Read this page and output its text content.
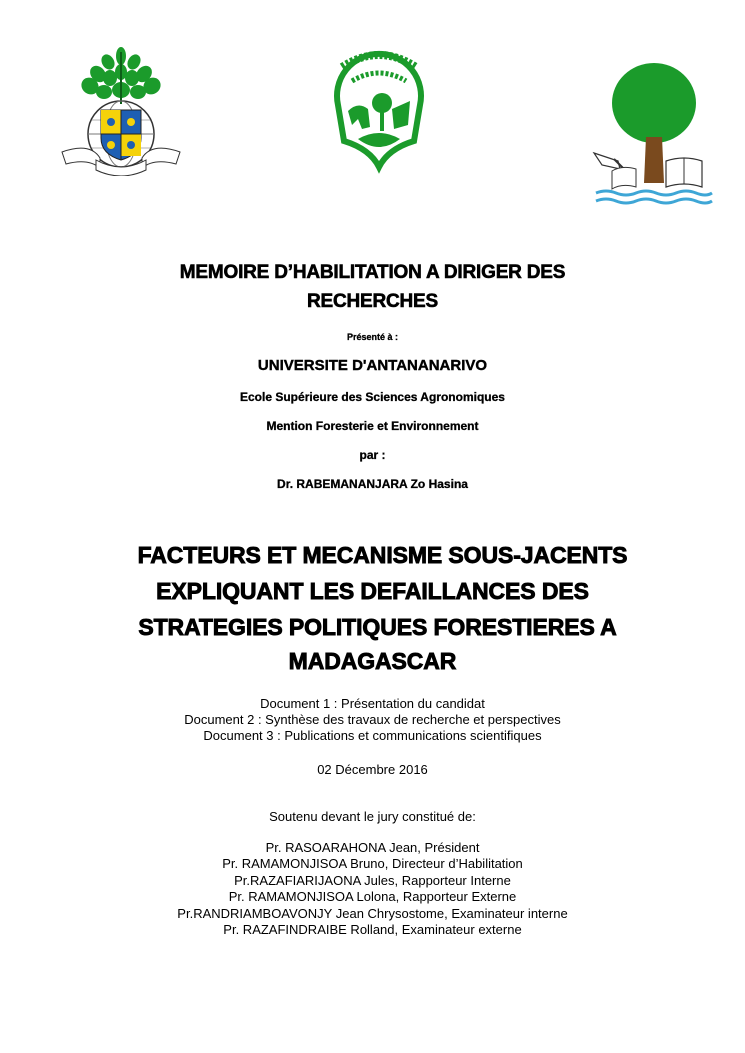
MEMOIRE D’HABILITATION A DIRIGER DES
RECHERCHES
Présenté à :
UNIVERSITE D'ANTANANARIVO
Ecole Supérieure des Sciences Agronomiques
Mention Foresterie et Environnement
par :
Dr. RABEMANANJARA Zo Hasina
FACTEURS ET MECANISME SOUS-JACENTS
EXPLIQUANT LES DEFAILLANCES DES
STRATEGIES POLITIQUES FORESTIERES A
MADAGASCAR
Document 1 : Présentation du candidat
Document 2 : Synthèse des travaux de recherche et perspectives
Document 3 : Publications et communications scientifiques
02 Décembre 2016
Soutenu devant le jury constitué de:
Pr. RASOARAHONA Jean, Président
Pr. RAMAMONJISOA Bruno, Directeur d’Habilitation
Pr.RAZAFIARIJAONA Jules, Rapporteur Interne
Pr. RAMAMONJISOA Lolona, Rapporteur Externe
Pr.RANDRIAMBOAVONJY Jean Chrysostome, Examinateur interne
Pr. RAZAFINDRAIBE Rolland, Examinateur externe
